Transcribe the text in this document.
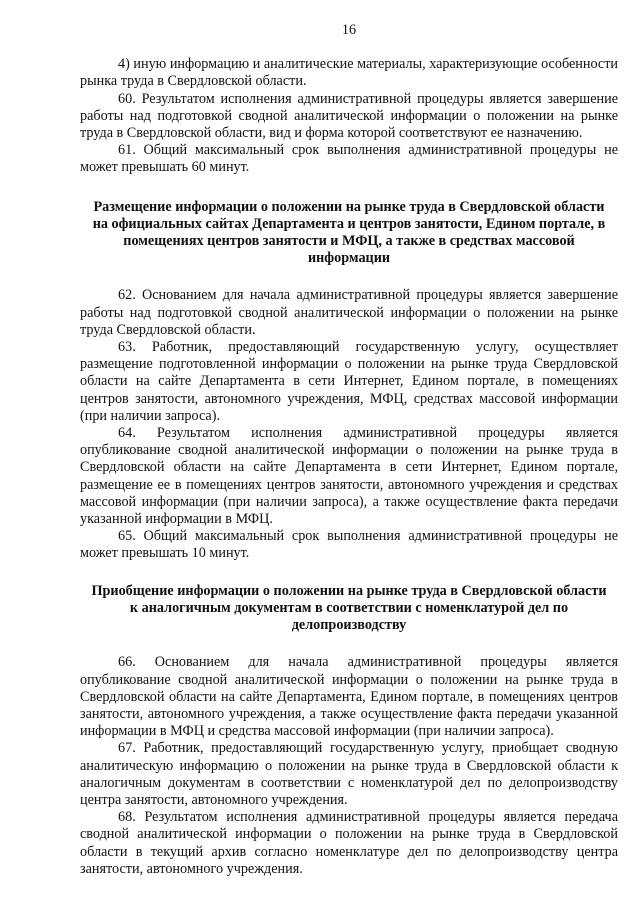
16

4) иную информацию и аналитические материалы, характеризующие особенности рынка труда в Свердловской области.

60. Результатом исполнения административной процедуры является завершение работы над подготовкой сводной аналитической информации о положении на рынке труда в Свердловской области, вид и форма которой соответствуют ее назначению.

61. Общий максимальный срок выполнения административной процедуры не может превышать 60 минут.

Размещение информации о положении на рынке труда в Свердловской области на официальных сайтах Департамента и центров занятости, Едином портале, в помещениях центров занятости и МФЦ, а также в средствах массовой информации

62. Основанием для начала административной процедуры является завершение работы над подготовкой сводной аналитической информации о положении на рынке труда Свердловской области.

63. Работник, предоставляющий государственную услугу, осуществляет размещение подготовленной информации о положении на рынке труда Свердловской области на сайте Департамента в сети Интернет, Едином портале, в помещениях центров занятости, автономного учреждения, МФЦ, средствах массовой информации (при наличии запроса).

64. Результатом исполнения административной процедуры является опубликование сводной аналитической информации о положении на рынке труда в Свердловской области на сайте Департамента в сети Интернет, Едином портале, размещение ее в помещениях центров занятости, автономного учреждения и средствах массовой информации (при наличии запроса), а также осуществление факта передачи указанной информации в МФЦ.

65. Общий максимальный срок выполнения административной процедуры не может превышать 10 минут.

Приобщение информации о положении на рынке труда в Свердловской области к аналогичным документам в соответствии с номенклатурой дел по делопроизводству

66. Основанием для начала административной процедуры является опубликование сводной аналитической информации о положении на рынке труда в Свердловской области на сайте Департамента, Едином портале, в помещениях центров занятости, автономного учреждения, а также осуществление факта передачи указанной информации в МФЦ и средства массовой информации (при наличии запроса).

67. Работник, предоставляющий государственную услугу, приобщает сводную аналитическую информацию о положении на рынке труда в Свердловской области к аналогичным документам в соответствии с номенклатурой дел по делопроизводству центра занятости, автономного учреждения.

68. Результатом исполнения административной процедуры является передача сводной аналитической информации о положении на рынке труда в Свердловской области в текущий архив согласно номенклатуре дел по делопроизводству центра занятости, автономного учреждения.
